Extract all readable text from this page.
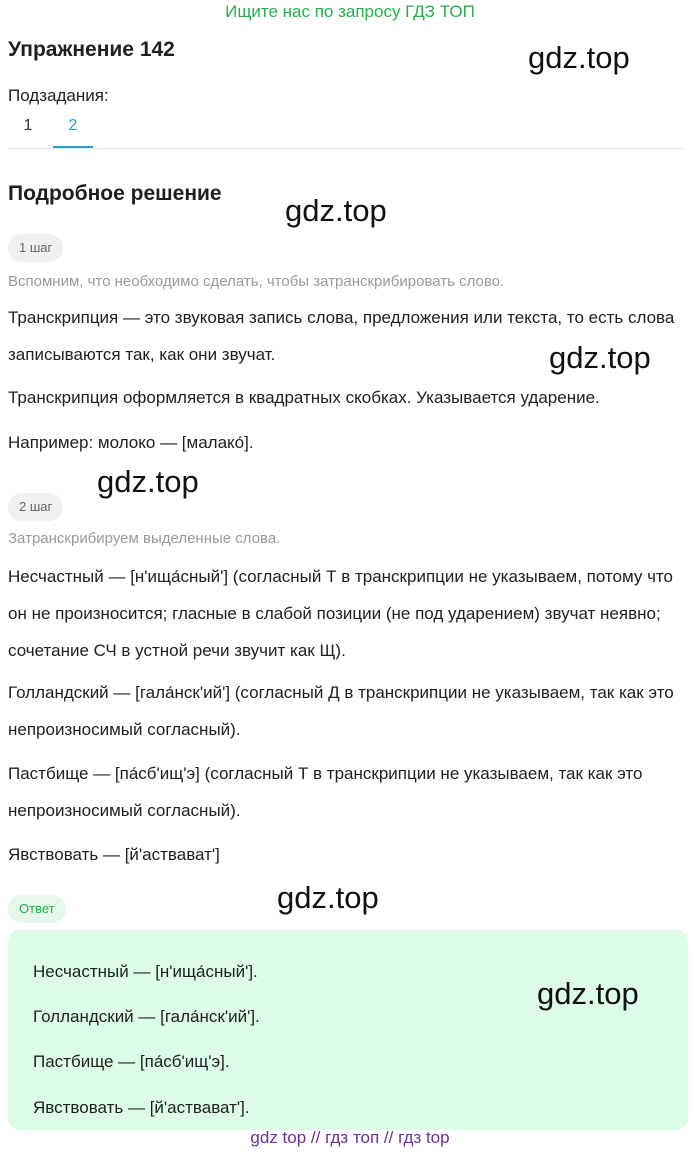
Ищите нас по запросу ГДЗ ТОП
Упражнение 142
Подзадания:
1	2
Подробное решение
1 шаг
Вспомним, что необходимо сделать, чтобы затранскрибировать слово.
Транскрипция — это звуковая запись слова, предложения или текста, то есть слова записываются так, как они звучат.
Транскрипция оформляется в квадратных скобках. Указывается ударение.
Например: молоко — [малако́].
2 шаг
Затранскрибируем выделенные слова.
Несчастный — [н'ища́сный'] (согласный Т в транскрипции не указываем, потому что он не произносится; гласные в слабой позиции (не под ударением) звучат неявно; сочетание СЧ в устной речи звучит как Щ).
Голландский — [гала́нск'ий'] (согласный Д в транскрипции не указываем, так как это непроизносимый согласный).
Пастбище — [па́сб'ищ'э] (согласный Т в транскрипции не указываем, так как это непроизносимый согласный).
Явствовать — [й'аствават']
Ответ
Несчастный — [н'ища́сный'].
Голландский — [гала́нск'ий'].
Пастбище — [па́сб'ищ'э].
Явствовать — [й'аствават'].
gdz.top
gdz.top
gdz.top
gdz.top
gdz.top
gdz.top
gdz top // гдз топ // гдз top
